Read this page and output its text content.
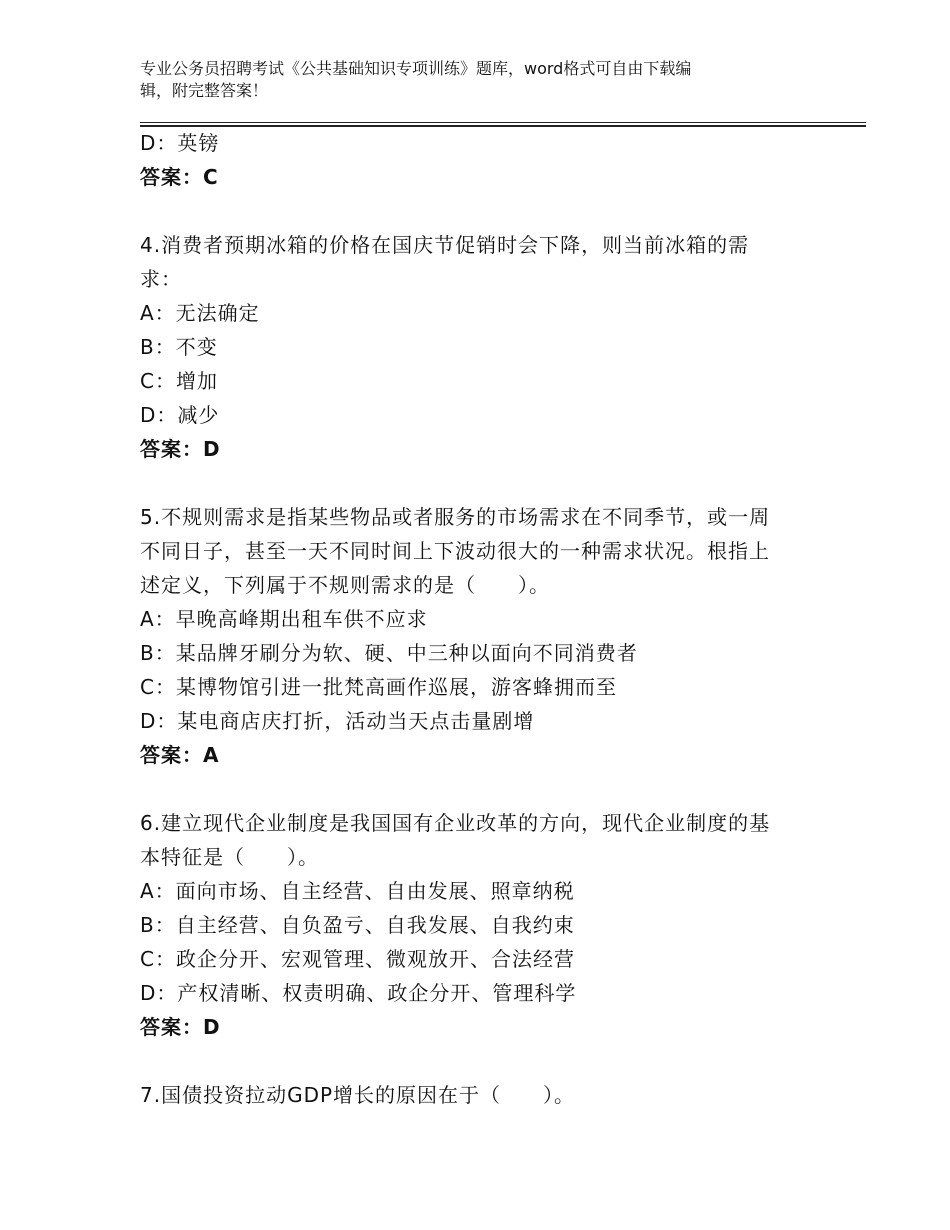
专业公务员招聘考试《公共基础知识专项训练》题库，word格式可自由下载编
辑，附完整答案！
D：英镑
答案：C
4.消费者预期冰箱的价格在国庆节促销时会下降，则当前冰箱的需
求：
A：无法确定
B：不变
C：增加
D：减少
答案：D
5.不规则需求是指某些物品或者服务的市场需求在不同季节，或一周
不同日子，甚至一天不同时间上下波动很大的一种需求状况。根指上
述定义，下列属于不规则需求的是（　　）。
A：早晚高峰期出租车供不应求
B：某品牌牙刷分为软、硬、中三种以面向不同消费者
C：某博物馆引进一批梵高画作巡展，游客蜂拥而至
D：某电商店庆打折，活动当天点击量剧增
答案：A
6.建立现代企业制度是我国国有企业改革的方向，现代企业制度的基
本特征是（　　）。
A：面向市场、自主经营、自由发展、照章纳税
B：自主经营、自负盈亏、自我发展、自我约束
C：政企分开、宏观管理、微观放开、合法经营
D：产权清晰、权责明确、政企分开、管理科学
答案：D
7.国债投资拉动GDP增长的原因在于（　　）。
